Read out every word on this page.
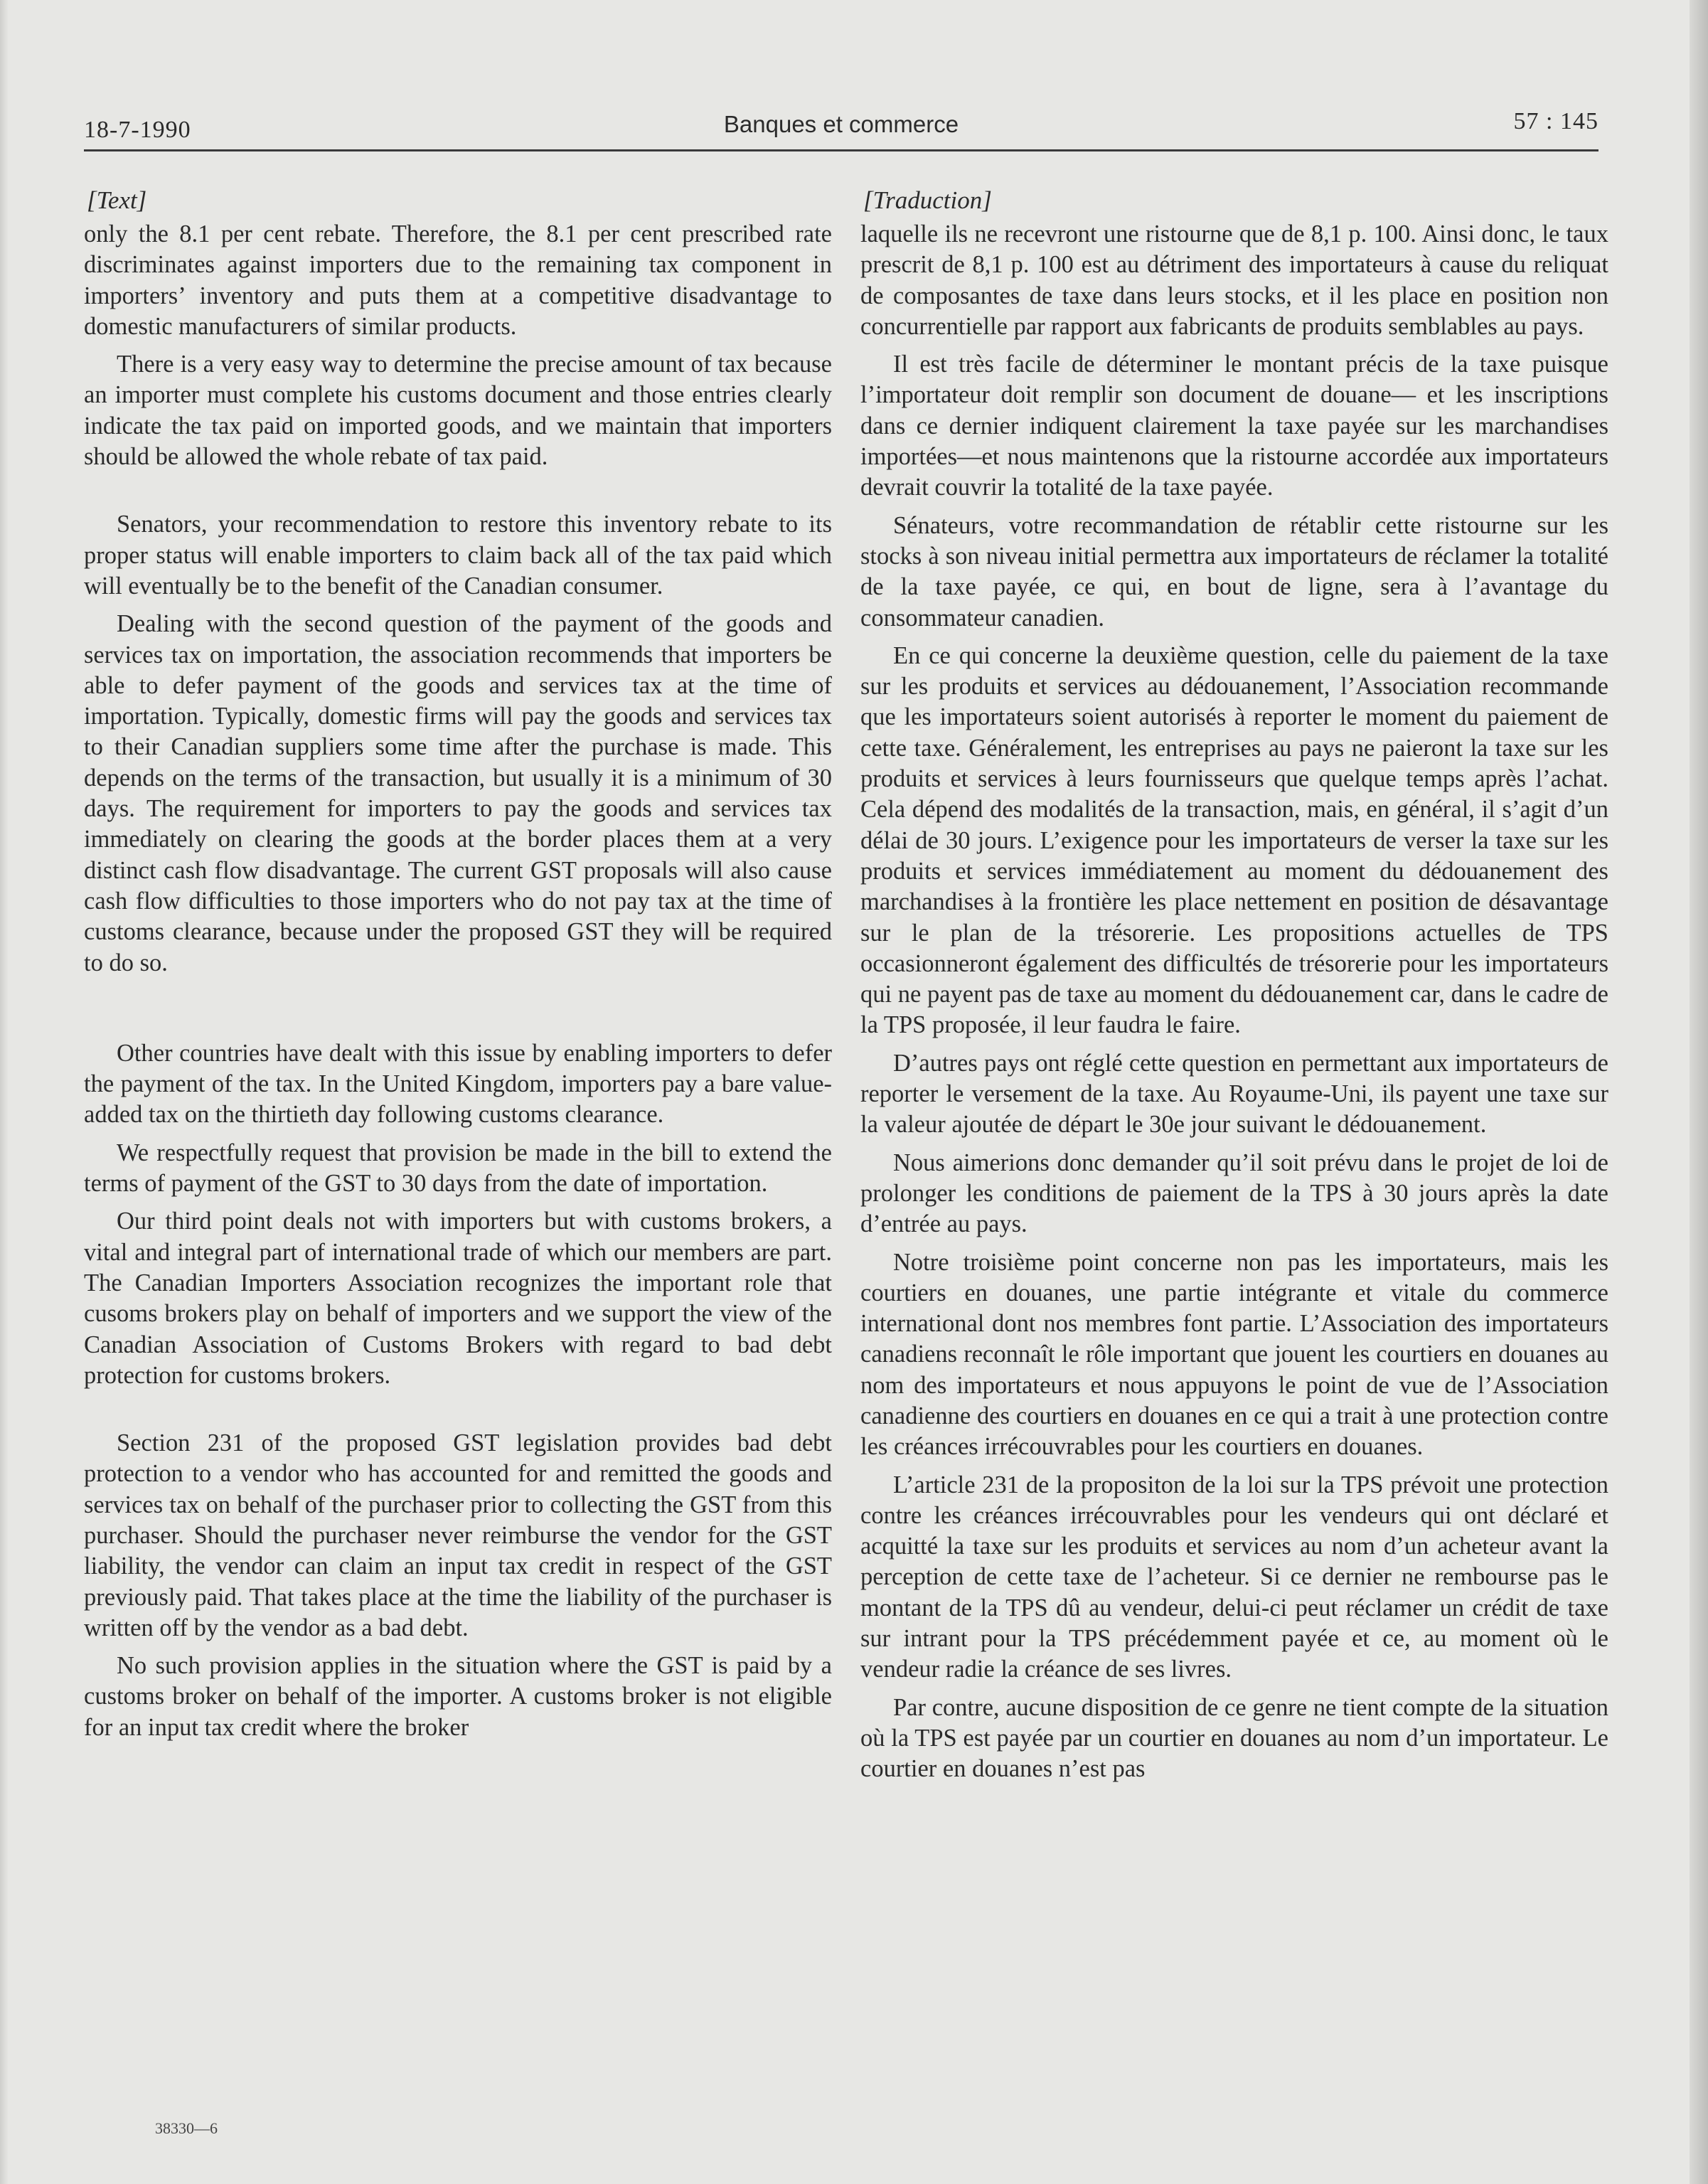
18-7-1990	Banques et commerce	57 : 145
[Text]

only the 8.1 per cent rebate. Therefore, the 8.1 per cent prescribed rate discriminates against importers due to the remaining tax component in importers’ inventory and puts them at a competitive disadvantage to domestic manufacturers of similar products.

There is a very easy way to determine the precise amount of tax because an importer must complete his customs document and those entries clearly indicate the tax paid on imported goods, and we maintain that importers should be allowed the whole rebate of tax paid.

Senators, your recommendation to restore this inventory rebate to its proper status will enable importers to claim back all of the tax paid which will eventually be to the benefit of the Canadian consumer.

Dealing with the second question of the payment of the goods and services tax on importation, the association recommends that importers be able to defer payment of the goods and services tax at the time of importation. Typically, domestic firms will pay the goods and services tax to their Canadian suppliers some time after the purchase is made. This depends on the terms of the transaction, but usually it is a minimum of 30 days. The requirement for importers to pay the goods and services tax immediately on clearing the goods at the border places them at a very distinct cash flow disadvantage. The current GST proposals will also cause cash flow difficulties to those importers who do not pay tax at the time of customs clearance, because under the proposed GST they will be required to do so.

Other countries have dealt with this issue by enabling importers to defer the payment of the tax. In the United Kingdom, importers pay a bare value-added tax on the thirtieth day following customs clearance.

We respectfully request that provision be made in the bill to extend the terms of payment of the GST to 30 days from the date of importation.

Our third point deals not with importers but with customs brokers, a vital and integral part of international trade of which our members are part. The Canadian Importers Association recognizes the important role that cusoms brokers play on behalf of importers and we support the view of the Canadian Association of Customs Brokers with regard to bad debt protection for customs brokers.

Section 231 of the proposed GST legislation provides bad debt protection to a vendor who has accounted for and remitted the goods and services tax on behalf of the purchaser prior to collecting the GST from this purchaser. Should the purchaser never reimburse the vendor for the GST liability, the vendor can claim an input tax credit in respect of the GST previously paid. That takes place at the time the liability of the purchaser is written off by the vendor as a bad debt.

No such provision applies in the situation where the GST is paid by a customs broker on behalf of the importer. A customs broker is not eligible for an input tax credit where the broker

[Traduction]

laquelle ils ne recevront une ristourne que de 8,1 p. 100. Ainsi donc, le taux prescrit de 8,1 p. 100 est au détriment des importateurs à cause du reliquat de composantes de taxe dans leurs stocks, et il les place en position non concurrentielle par rapport aux fabricants de produits semblables au pays.

Il est très facile de déterminer le montant précis de la taxe puisque l’importateur doit remplir son document de douane— et les inscriptions dans ce dernier indiquent clairement la taxe payée sur les marchandises importées—et nous maintenons que la ristourne accordée aux importateurs devrait couvrir la totalité de la taxe payée.

Sénateurs, votre recommandation de rétablir cette ristourne sur les stocks à son niveau initial permettra aux importateurs de réclamer la totalité de la taxe payée, ce qui, en bout de ligne, sera à l’avantage du consommateur canadien.

En ce qui concerne la deuxième question, celle du paiement de la taxe sur les produits et services au dédouanement, l’Association recommande que les importateurs soient autorisés à reporter le moment du paiement de cette taxe. Généralement, les entreprises au pays ne paieront la taxe sur les produits et services à leurs fournisseurs que quelque temps après l’achat. Cela dépend des modalités de la transaction, mais, en général, il s’agit d’un délai de 30 jours. L’exigence pour les importateurs de verser la taxe sur les produits et services immédiatement au moment du dédouanement des marchandises à la frontière les place nettement en position de désavantage sur le plan de la trésorerie. Les propositions actuelles de TPS occasionneront également des difficultés de trésorerie pour les importateurs qui ne payent pas de taxe au moment du dédouanement car, dans le cadre de la TPS proposée, il leur faudra le faire.

D’autres pays ont réglé cette question en permettant aux importateurs de reporter le versement de la taxe. Au Royaume-Uni, ils payent une taxe sur la valeur ajoutée de départ le 30e jour suivant le dédouanement.

Nous aimerions donc demander qu’il soit prévu dans le projet de loi de prolonger les conditions de paiement de la TPS à 30 jours après la date d’entrée au pays.

Notre troisième point concerne non pas les importateurs, mais les courtiers en douanes, une partie intégrante et vitale du commerce international dont nos membres font partie. L’Association des importateurs canadiens reconnaît le rôle important que jouent les courtiers en douanes au nom des importateurs et nous appuyons le point de vue de l’Association canadienne des courtiers en douanes en ce qui a trait à une protection contre les créances irrécouvrables pour les courtiers en douanes.

L’article 231 de la propositon de la loi sur la TPS prévoit une protection contre les créances irrécouvrables pour les vendeurs qui ont déclaré et acquitté la taxe sur les produits et services au nom d’un acheteur avant la perception de cette taxe de l’acheteur. Si ce dernier ne rembourse pas le montant de la TPS dû au vendeur, delui-ci peut réclamer un crédit de taxe sur intrant pour la TPS précédemment payée et ce, au moment où le vendeur radie la créance de ses livres.

Par contre, aucune disposition de ce genre ne tient compte de la situation où la TPS est payée par un courtier en douanes au nom d’un importateur. Le courtier en douanes n’est pas

38330—6
